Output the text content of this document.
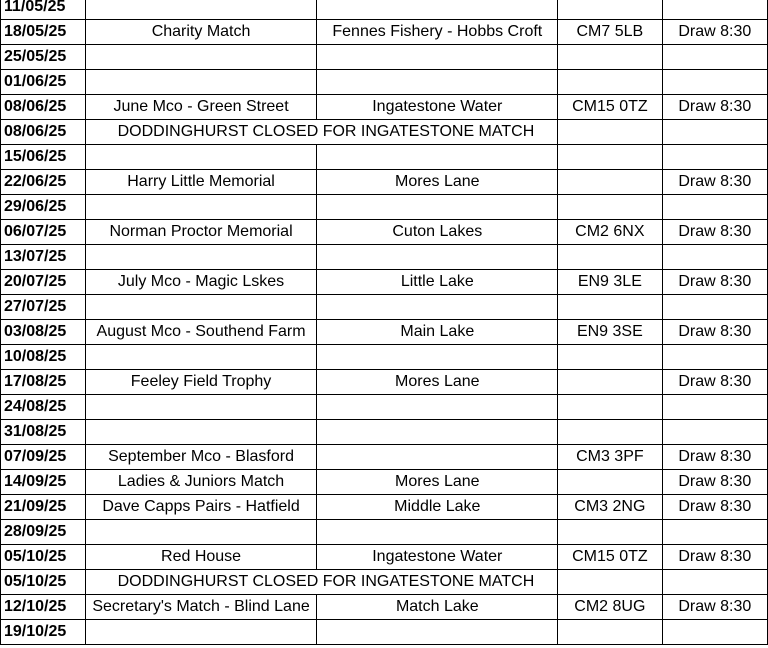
11/05/25				
18/05/25	Charity Match	Fennes Fishery - Hobbs Croft	CM7 5LB	Draw 8:30
25/05/25				
01/06/25				
08/06/25	June Mco - Green Street	Ingatestone Water	CM15 0TZ	Draw 8:30
08/06/25	DODDINGHURST CLOSED FOR INGATESTONE MATCH			
15/06/25				
22/06/25	Harry Little Memorial	Mores Lane		Draw 8:30
29/06/25				
06/07/25	Norman Proctor Memorial	Cuton Lakes	CM2 6NX	Draw 8:30
13/07/25				
20/07/25	July Mco - Magic Lskes	Little Lake	EN9 3LE	Draw 8:30
27/07/25				
03/08/25	August Mco - Southend Farm	Main Lake	EN9 3SE	Draw 8:30
10/08/25				
17/08/25	Feeley Field Trophy	Mores Lane		Draw 8:30
24/08/25				
31/08/25				
07/09/25	September Mco - Blasford		CM3 3PF	Draw 8:30
14/09/25	Ladies & Juniors Match	Mores Lane		Draw 8:30
21/09/25	Dave Capps Pairs - Hatfield	Middle Lake	CM3 2NG	Draw 8:30
28/09/25				
05/10/25	Red House	Ingatestone Water	CM15 0TZ	Draw 8:30
05/10/25	DODDINGHURST CLOSED FOR INGATESTONE MATCH			
12/10/25	Secretary's Match - Blind Lane	Match Lake	CM2 8UG	Draw 8:30
19/10/25				
